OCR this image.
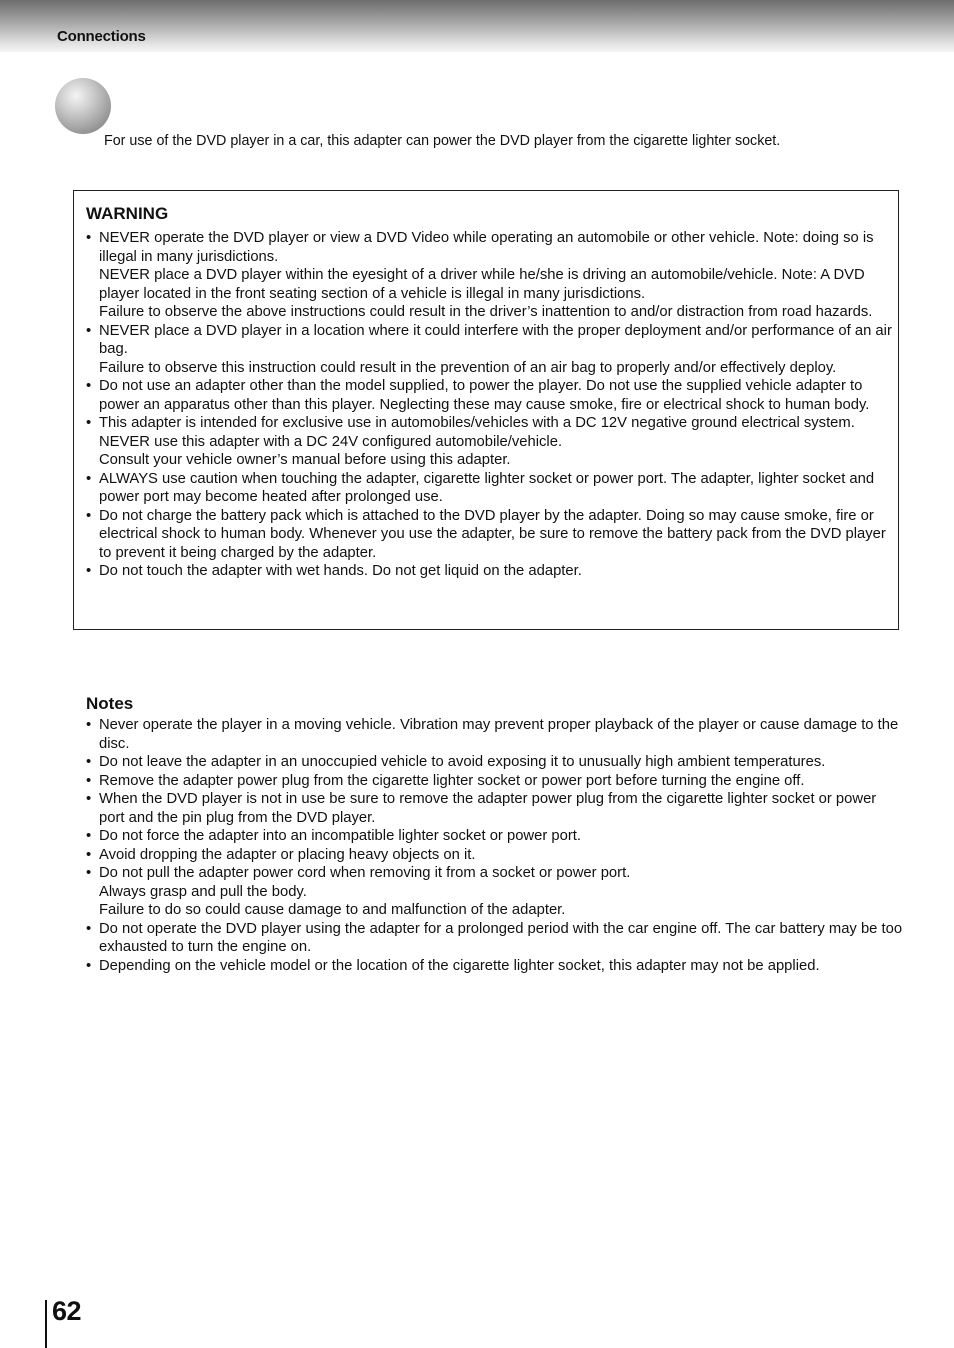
Connections
For use of the DVD player in a car, this adapter can power the DVD player from the cigarette lighter socket.
WARNING
• NEVER operate the DVD player or view a DVD Video while operating an automobile or other vehicle. Note: doing so is illegal in many jurisdictions.
NEVER place a DVD player within the eyesight of a driver while he/she is driving an automobile/vehicle. Note: A DVD player located in the front seating section of a vehicle is illegal in many jurisdictions.
Failure to observe the above instructions could result in the driver’s inattention to and/or distraction from road hazards.
• NEVER place a DVD player in a location where it could interfere with the proper deployment and/or performance of an air bag.
Failure to observe this instruction could result in the prevention of an air bag to properly and/or effectively deploy.
• Do not use an adapter other than the model supplied, to power the player. Do not use the supplied vehicle adapter to power an apparatus other than this player. Neglecting these may cause smoke, fire or electrical shock to human body.
• This adapter is intended for exclusive use in automobiles/vehicles with a DC 12V negative ground electrical system. NEVER use this adapter with a DC 24V configured automobile/vehicle.
Consult your vehicle owner’s manual before using this adapter.
• ALWAYS use caution when touching the adapter, cigarette lighter socket or power port. The adapter, lighter socket and power port may become heated after prolonged use.
• Do not charge the battery pack which is attached to the DVD player by the adapter. Doing so may cause smoke, fire or electrical shock to human body. Whenever you use the adapter, be sure to remove the battery pack from the DVD player to prevent it being charged by the adapter.
• Do not touch the adapter with wet hands. Do not get liquid on the adapter.
Notes
• Never operate the player in a moving vehicle. Vibration may prevent proper playback of the player or cause damage to the disc.
• Do not leave the adapter in an unoccupied vehicle to avoid exposing it to unusually high ambient temperatures.
• Remove the adapter power plug from the cigarette lighter socket or power port before turning the engine off.
• When the DVD player is not in use be sure to remove the adapter power plug from the cigarette lighter socket or power port and the pin plug from the DVD player.
• Do not force the adapter into an incompatible lighter socket or power port.
• Avoid dropping the adapter or placing heavy objects on it.
• Do not pull the adapter power cord when removing it from a socket or power port.
Always grasp and pull the body.
Failure to do so could cause damage to and malfunction of the adapter.
• Do not operate the DVD player using the adapter for a prolonged period with the car engine off. The car battery may be too exhausted to turn the engine on.
• Depending on the vehicle model or the location of the cigarette lighter socket, this adapter may not be applied.
62
